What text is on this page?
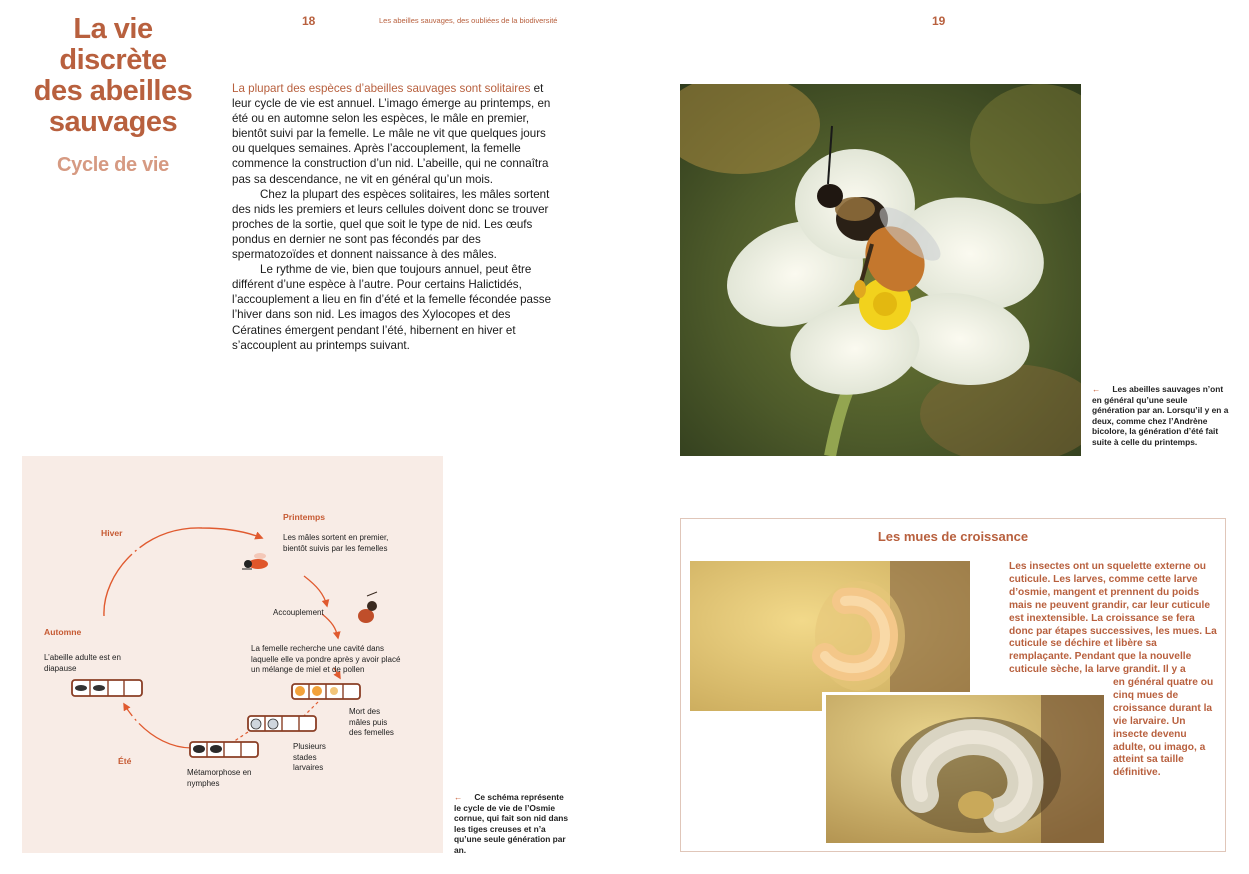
18	Les abeilles sauvages, des oubliées de la biodiversité	19
La vie
discrète
des abeilles
sauvages
Cycle de vie

La plupart des espèces d’abeilles sauvages sont solitaires et leur cycle de vie est annuel. L’imago émerge au printemps, en été ou en automne selon les espèces, le mâle en premier, bientôt suivi par la femelle. Le mâle ne vit que quelques jours ou quelques semaines. Après l’accouplement, la femelle commence la construction d’un nid. L’abeille, qui ne connaîtra pas sa descendance, ne vit en général qu’un mois.

Chez la plupart des espèces solitaires, les mâles sortent des nids les premiers et leurs cellules doivent donc se trouver proches de la sortie, quel que soit le type de nid. Les œufs pondus en dernier ne sont pas fécondés par des spermatozoïdes et donnent naissance à des mâles.

Le rythme de vie, bien que toujours annuel, peut être différent d’une espèce à l’autre. Pour certains Halictidés, l’accouplement a lieu en fin d’été et la femelle fécondée passe l’hiver dans son nid. Les imagos des Xylocopes et des Cératines émergent pendant l’été, hibernent en hiver et s’accouplent au printemps suivant.

Hiver
Printemps
Automne
Été
Les mâles sortent en premier, bientôt suivis par les femelles
Accouplement
La femelle recherche une cavité dans laquelle elle va pondre après y avoir placé un mélange de miel et de pollen
Mort des mâles puis des femelles
Plusieurs stades larvaires
Métamorphose en nymphes
L’abeille adulte est en diapause
← Ce schéma représente le cycle de vie de l’Osmie cornue, qui fait son nid dans les tiges creuses et n’a qu’une seule génération par an.
← Les abeilles sauvages n’ont en général qu’une seule génération par an. Lorsqu’il y en a deux, comme chez l’Andrène bicolore, la génération d’été fait suite à celle du printemps.
Les mues de croissance
Les insectes ont un squelette externe ou cuticule. Les larves, comme cette larve d’osmie, mangent et prennent du poids mais ne peuvent grandir, car leur cuticule est inextensible. La croissance se fera donc par étapes successives, les mues. La cuticule se déchire et libère sa remplaçante. Pendant que la nouvelle cuticule sèche, la larve grandit. Il y a
en général quatre ou cinq mues de croissance durant la vie larvaire. Un insecte devenu adulte, ou imago, a atteint sa taille définitive.
